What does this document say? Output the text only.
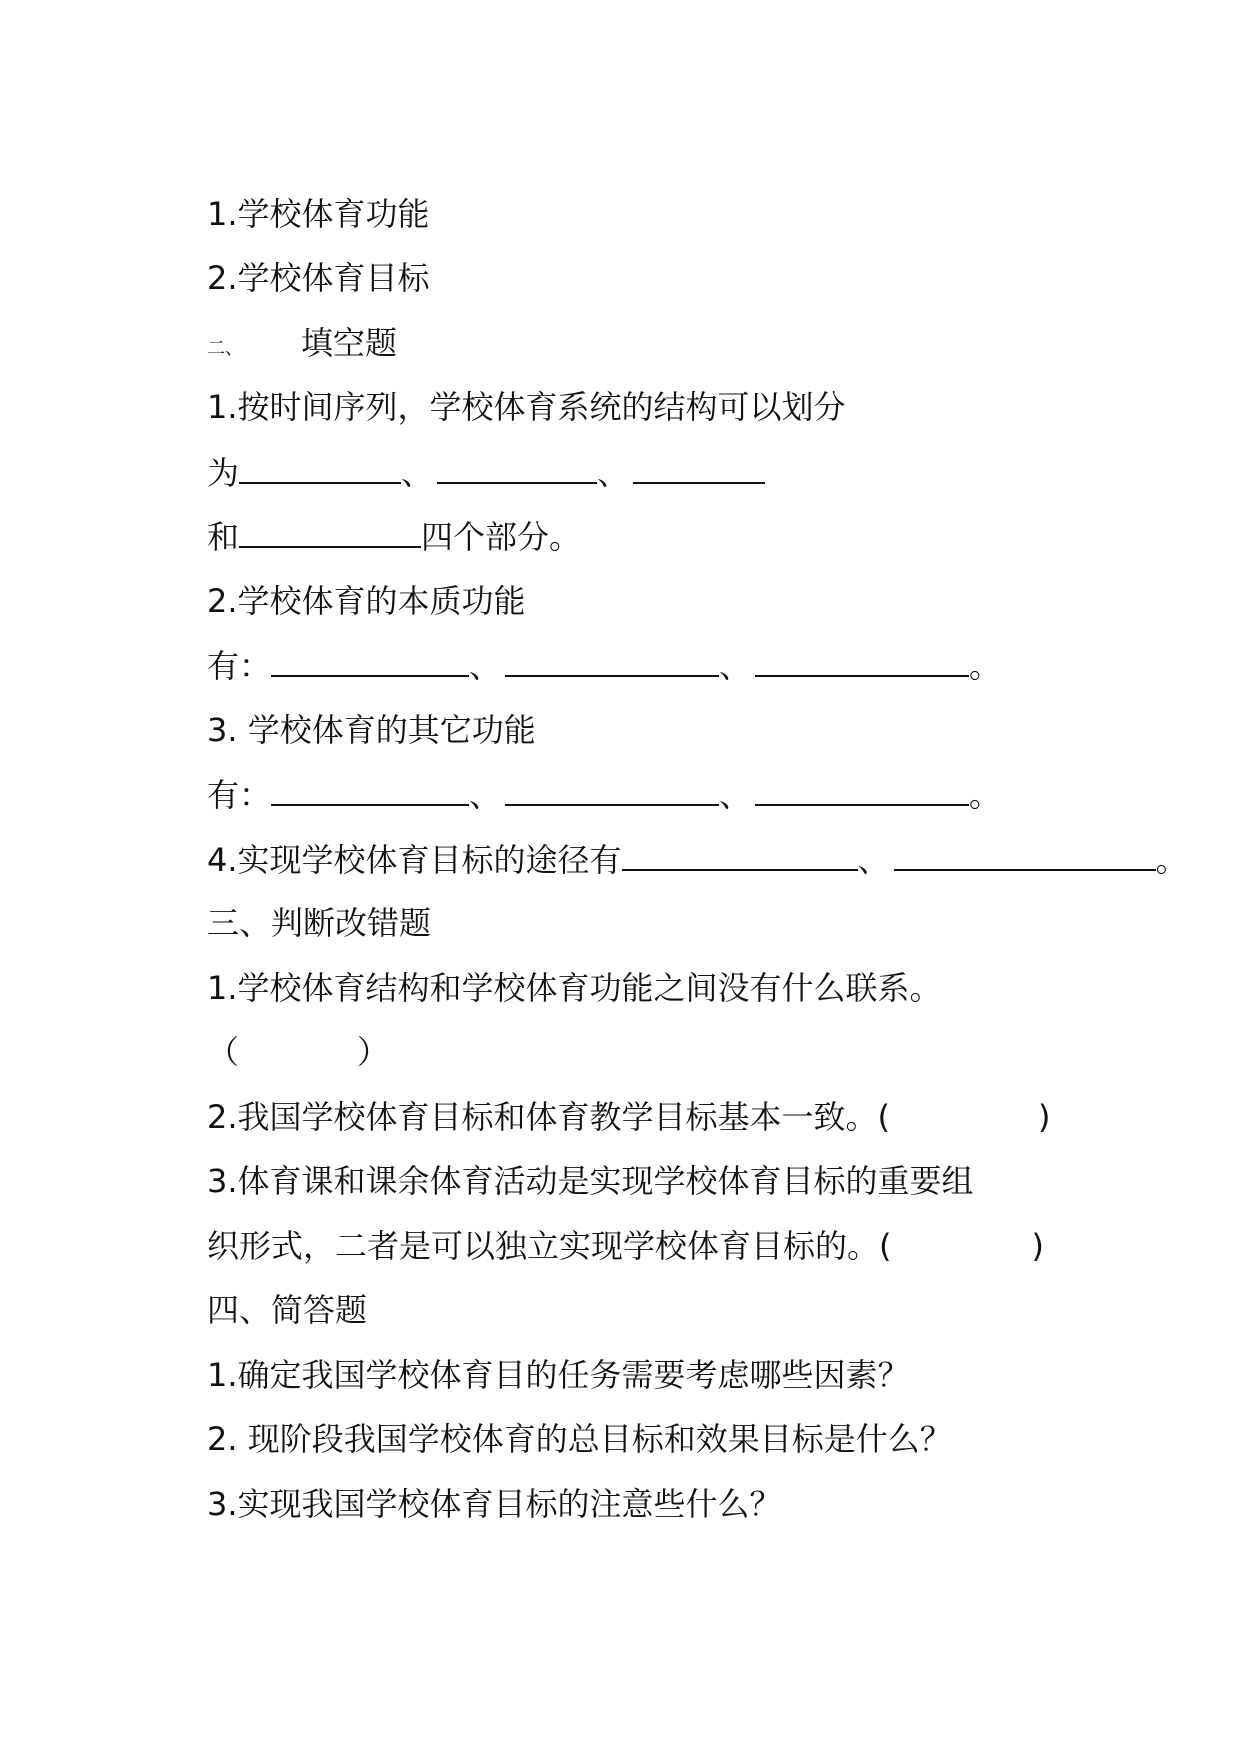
1.学校体育功能
2.学校体育目标
二、 填空题
1.按时间序列，学校体育系统的结构可以划分
为	、	、
和	四个部分。
2.学校体育的本质功能
有：	、	、	。
3. 学校体育的其它功能
有：	、	、	。
4.实现学校体育目标的途径有	、	。
三、判断改错题
1.学校体育结构和学校体育功能之间没有什么联系。
（	）
2.我国学校体育目标和体育教学目标基本一致。(	)
3.体育课和课余体育活动是实现学校体育目标的重要组
织形式，二者是可以独立实现学校体育目标的。(	)
四、简答题
1.确定我国学校体育目的任务需要考虑哪些因素？
2. 现阶段我国学校体育的总目标和效果目标是什么？
3.实现我国学校体育目标的注意些什么？
